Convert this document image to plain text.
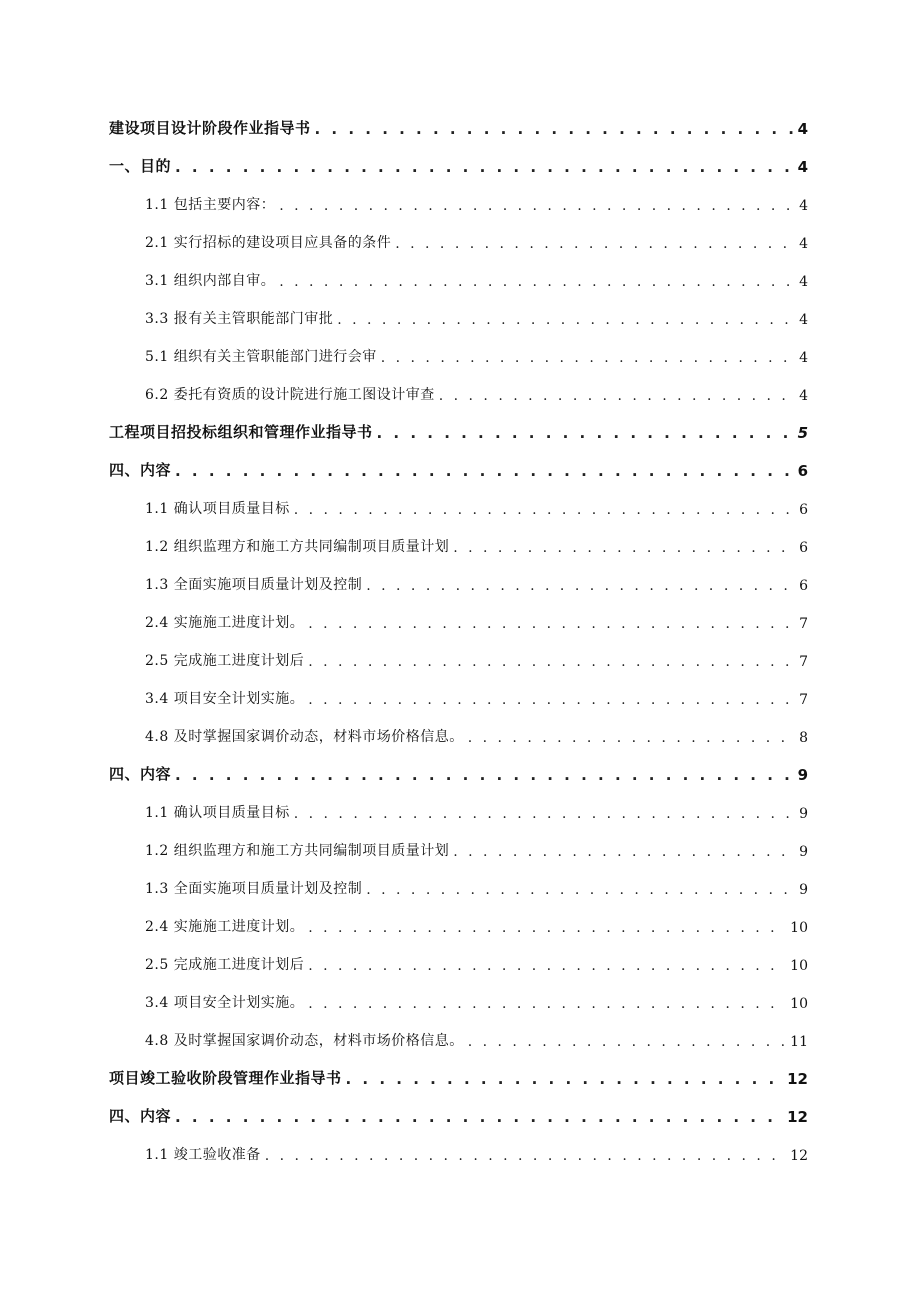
建设项目设计阶段作业指导书 . . .	4
一、目的 . . .	4
1.1 包括主要内容： . . .	4
2.1 实行招标的建设项目应具备的条件 . . .	4
3.1 组织内部自审。 . . .	4
3.3 报有关主管职能部门审批 . . .	4
5.1 组织有关主管职能部门进行会审 . . .	4
6.2 委托有资质的设计院进行施工图设计审查 . . .	4
工程项目招投标组织和管理作业指导书 . . .	5
四、内容 . . .	6
1.1 确认项目质量目标 . . .	6
1.2 组织监理方和施工方共同编制项目质量计划 . . .	6
1.3 全面实施项目质量计划及控制 . . .	6
2.4 实施施工进度计划。 . . .	7
2.5 完成施工进度计划后 . . .	7
3.4 项目安全计划实施。 . . .	7
4.8 及时掌握国家调价动态，材料市场价格信息。 . . .	8
四、内容 . . .	9
1.1 确认项目质量目标 . . .	9
1.2 组织监理方和施工方共同编制项目质量计划 . . .	9
1.3 全面实施项目质量计划及控制 . . .	9
2.4 实施施工进度计划。 . . .	10
2.5 完成施工进度计划后 . . .	10
3.4 项目安全计划实施。 . . .	10
4.8 及时掌握国家调价动态，材料市场价格信息。 . . .	11
项目竣工验收阶段管理作业指导书 . . .	12
四、内容 . . .	12
1.1 竣工验收准备 . . .	12
